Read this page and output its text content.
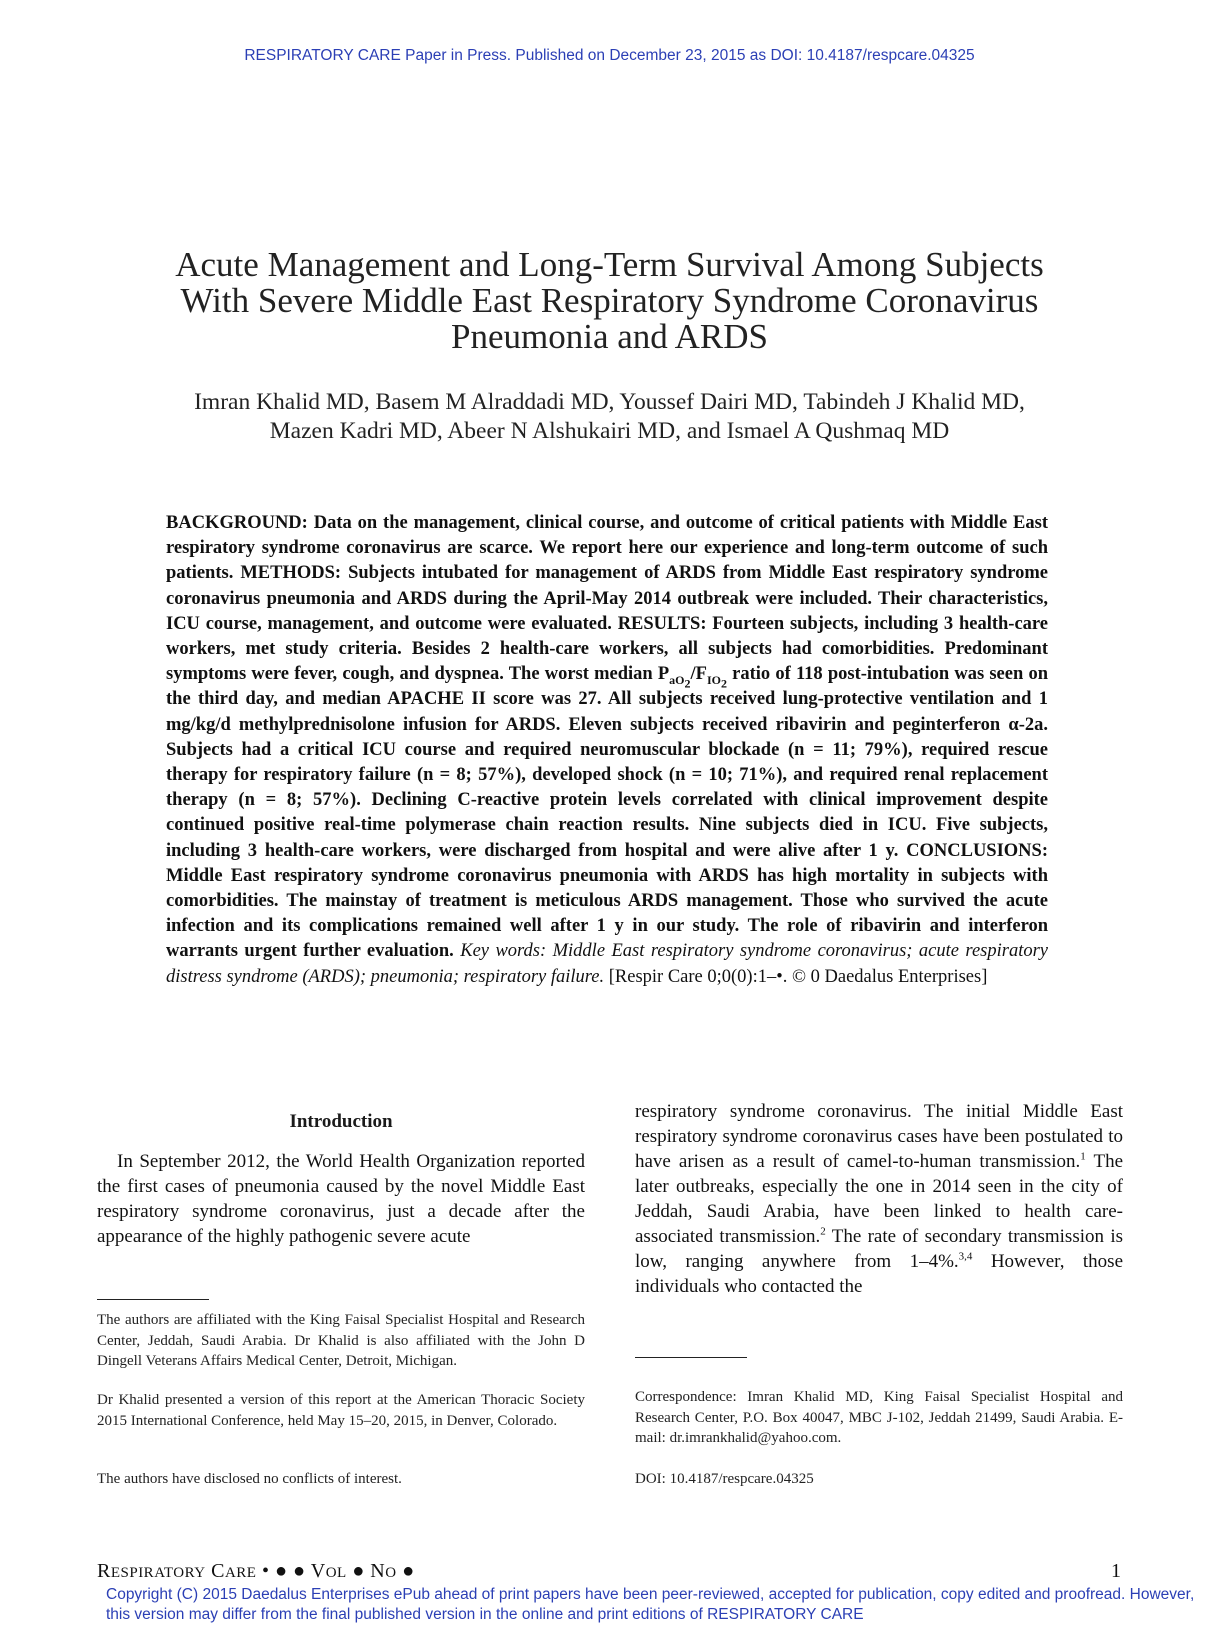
RESPIRATORY CARE Paper in Press. Published on December 23, 2015 as DOI: 10.4187/respcare.04325
Acute Management and Long-Term Survival Among Subjects
With Severe Middle East Respiratory Syndrome Coronavirus
Pneumonia and ARDS
Imran Khalid MD, Basem M Alraddadi MD, Youssef Dairi MD, Tabindeh J Khalid MD,
Mazen Kadri MD, Abeer N Alshukairi MD, and Ismael A Qushmaq MD
BACKGROUND: Data on the management, clinical course, and outcome of critical patients with Middle East respiratory syndrome coronavirus are scarce. We report here our experience and long-term outcome of such patients. METHODS: Subjects intubated for management of ARDS from Middle East respiratory syndrome coronavirus pneumonia and ARDS during the April-May 2014 outbreak were included. Their characteristics, ICU course, management, and outcome were evaluated. RESULTS: Fourteen subjects, including 3 health-care workers, met study criteria. Besides 2 health-care workers, all subjects had comorbidities. Predominant symptoms were fever, cough, and dyspnea. The worst median $P_{aO_2}/F_{IO_2}$ ratio of 118 post-intubation was seen on the third day, and median APACHE II score was 27. All subjects received lung-protective ventilation and 1 mg/kg/d methylprednisolone infusion for ARDS. Eleven subjects received ribavirin and peginterferon α-2a. Subjects had a critical ICU course and required neuromuscular blockade (n = 11; 79%), required rescue therapy for respiratory failure (n = 8; 57%), developed shock (n = 10; 71%), and required renal replacement therapy (n = 8; 57%). Declining C-reactive protein levels correlated with clinical improvement despite continued positive real-time polymerase chain reaction results. Nine subjects died in ICU. Five subjects, including 3 health-care workers, were discharged from hospital and were alive after 1 y. CONCLUSIONS: Middle East respiratory syndrome coronavirus pneumonia with ARDS has high mortality in subjects with comorbidities. The mainstay of treatment is meticulous ARDS management. Those who survived the acute infection and its complications remained well after 1 y in our study. The role of ribavirin and interferon warrants urgent further evaluation. Key words: Middle East respiratory syndrome coronavirus; acute respiratory distress syndrome (ARDS); pneumonia; respiratory failure. [Respir Care 0;0(0):1–•. © 0 Daedalus Enterprises]
Introduction
In September 2012, the World Health Organization reported the first cases of pneumonia caused by the novel Middle East respiratory syndrome coronavirus, just a decade after the appearance of the highly pathogenic severe acute
respiratory syndrome coronavirus. The initial Middle East respiratory syndrome coronavirus cases have been postulated to have arisen as a result of camel-to-human transmission.$^1$ The later outbreaks, especially the one in 2014 seen in the city of Jeddah, Saudi Arabia, have been linked to health care-associated transmission.$^2$ The rate of secondary transmission is low, ranging anywhere from 1–4%.$^{3,4}$ However, those individuals who contacted the
The authors are affiliated with the King Faisal Specialist Hospital and Research Center, Jeddah, Saudi Arabia. Dr Khalid is also affiliated with the John D Dingell Veterans Affairs Medical Center, Detroit, Michigan.
Dr Khalid presented a version of this report at the American Thoracic Society 2015 International Conference, held May 15–20, 2015, in Denver, Colorado.
The authors have disclosed no conflicts of interest.
Correspondence: Imran Khalid MD, King Faisal Specialist Hospital and Research Center, P.O. Box 40047, MBC J-102, Jeddah 21499, Saudi Arabia. E-mail: dr.imrankhalid@yahoo.com.
DOI: 10.4187/respcare.04325
RESPIRATORY CARE • ● ● VOL ● NO ●	1
Copyright (C) 2015 Daedalus Enterprises ePub ahead of print papers have been peer-reviewed, accepted for publication, copy edited and proofread. However, this version may differ from the final published version in the online and print editions of RESPIRATORY CARE
